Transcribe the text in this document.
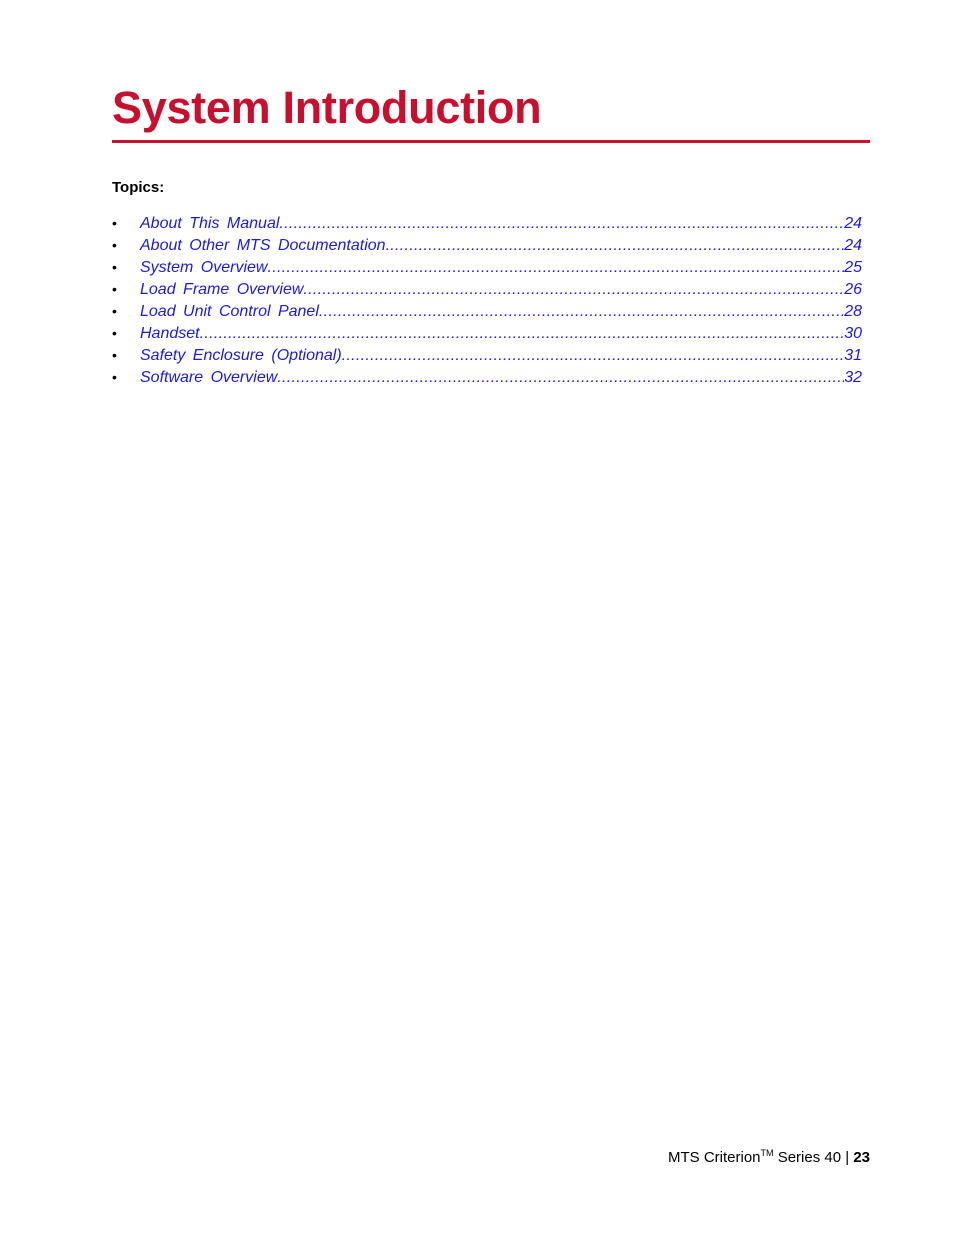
System Introduction
Topics:
•	About This Manual .....	24
•	About Other MTS Documentation .....	24
•	System Overview .....	25
•	Load Frame Overview .....	26
•	Load Unit Control Panel .....	28
•	Handset .....	30
•	Safety Enclosure (Optional) .....	31
•	Software Overview .....	32
MTS Criterion™ Series 40 | 23
